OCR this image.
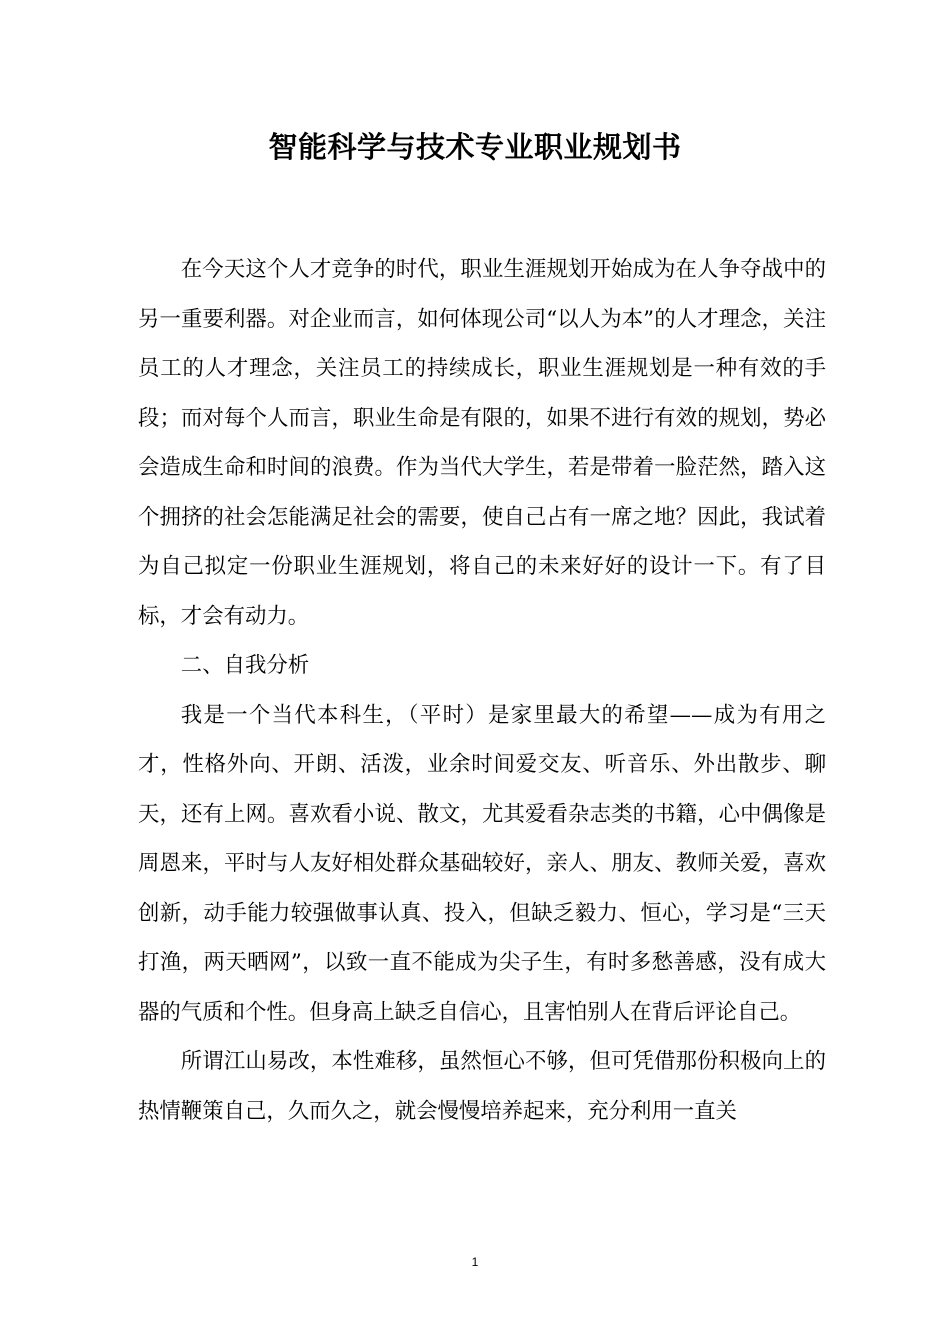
智能科学与技术专业职业规划书

在今天这个人才竞争的时代，职业生涯规划开始成为在人争夺战中的另一重要利器。对企业而言，如何体现公司“以人为本”的人才理念，关注员工的人才理念，关注员工的持续成长，职业生涯规划是一种有效的手段；而对每个人而言，职业生命是有限的，如果不进行有效的规划，势必会造成生命和时间的浪费。作为当代大学生，若是带着一脸茫然，踏入这个拥挤的社会怎能满足社会的需要，使自己占有一席之地？因此，我试着为自己拟定一份职业生涯规划，将自己的未来好好的设计一下。有了目标，才会有动力。

二、自我分析

我是一个当代本科生，（平时）是家里最大的希望——成为有用之才，性格外向、开朗、活泼，业余时间爱交友、听音乐、外出散步、聊天，还有上网。喜欢看小说、散文，尤其爱看杂志类的书籍，心中偶像是周恩来，平时与人友好相处群众基础较好，亲人、朋友、教师关爱，喜欢创新，动手能力较强做事认真、投入，但缺乏毅力、恒心，学习是“三天打渔，两天晒网”，以致一直不能成为尖子生，有时多愁善感，没有成大器的气质和个性。但身高上缺乏自信心，且害怕别人在背后评论自己。

所谓江山易改，本性难移，虽然恒心不够，但可凭借那份积极向上的热情鞭策自己，久而久之，就会慢慢培养起来，充分利用一直关

1
